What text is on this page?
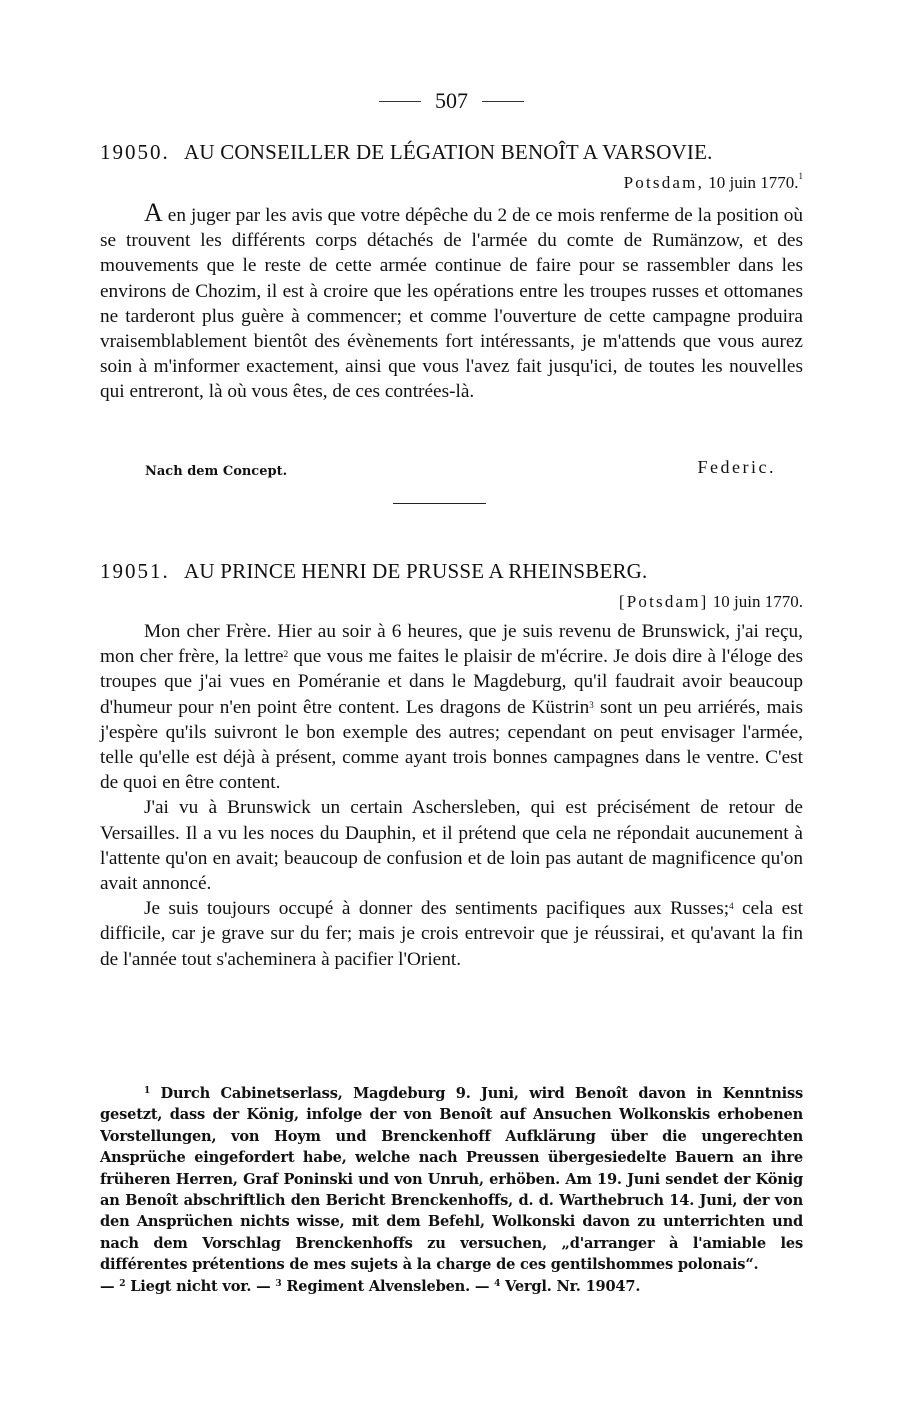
507
19050. AU CONSEILLER DE LÉGATION BENOÎT A VARSOVIE.
Potsdam, 10 juin 1770.$^1$

A en juger par les avis que votre dépêche du 2 de ce mois renferme de la position où se trouvent les différents corps détachés de l'armée du comte de Rumänzow, et des mouvements que le reste de cette armée continue de faire pour se rassembler dans les environs de Chozim, il est à croire que les opérations entre les troupes russes et ottomanes ne tarderont plus guère à commencer; et comme l'ouverture de cette campagne produira vraisemblablement bientôt des évènements fort intéressants, je m'attends que vous aurez soin à m'informer exactement, ainsi que vous l'avez fait jusqu'ici, de toutes les nouvelles qui entreront, là où vous êtes, de ces contrées-là.

Nach dem Concept.	Federic.
19051. AU PRINCE HENRI DE PRUSSE A RHEINSBERG.
[Potsdam] 10 juin 1770.

Mon cher Frère. Hier au soir à 6 heures, que je suis revenu de Brunswick, j'ai reçu, mon cher frère, la lettre$^2$ que vous me faites le plaisir de m'écrire. Je dois dire à l'éloge des troupes que j'ai vues en Poméranie et dans le Magdeburg, qu'il faudrait avoir beaucoup d'humeur pour n'en point être content. Les dragons de Küstrin$^3$ sont un peu arriérés, mais j'espère qu'ils suivront le bon exemple des autres; cependant on peut envisager l'armée, telle qu'elle est déjà à présent, comme ayant trois bonnes campagnes dans le ventre. C'est de quoi en être content.

J'ai vu à Brunswick un certain Aschersleben, qui est précisément de retour de Versailles. Il a vu les noces du Dauphin, et il prétend que cela ne répondait aucunement à l'attente qu'on en avait; beaucoup de confusion et de loin pas autant de magnificence qu'on avait annoncé.

Je suis toujours occupé à donner des sentiments pacifiques aux Russes;$^4$ cela est difficile, car je grave sur du fer; mais je crois entrevoir que je réussirai, et qu'avant la fin de l'année tout s'acheminera à pacifier l'Orient.

$^1$ Durch Cabinetserlass, Magdeburg 9. Juni, wird Benoît davon in Kenntniss gesetzt, dass der König, infolge der von Benoît auf Ansuchen Wolkonskis erhobenen Vorstellungen, von Hoym und Brenckenhoff Aufklärung über die ungerechten Ansprüche eingefordert habe, welche nach Preussen übergesiedelte Bauern an ihre früheren Herren, Graf Poninski und von Unruh, erhöben. Am 19. Juni sendet der König an Benoît abschriftlich den Bericht Brenckenhoffs, d. d. Warthebruch 14. Juni, der von den Ansprüchen nichts wisse, mit dem Befehl, Wolkonski davon zu unterrichten und nach dem Vorschlag Brenckenhoffs zu versuchen, „d'arranger à l'amiable les différentes prétentions de mes sujets à la charge de ces gentilshommes polonais“.

— $^2$ Liegt nicht vor. — $^3$ Regiment Alvensleben. — $^4$ Vergl. Nr. 19047.
